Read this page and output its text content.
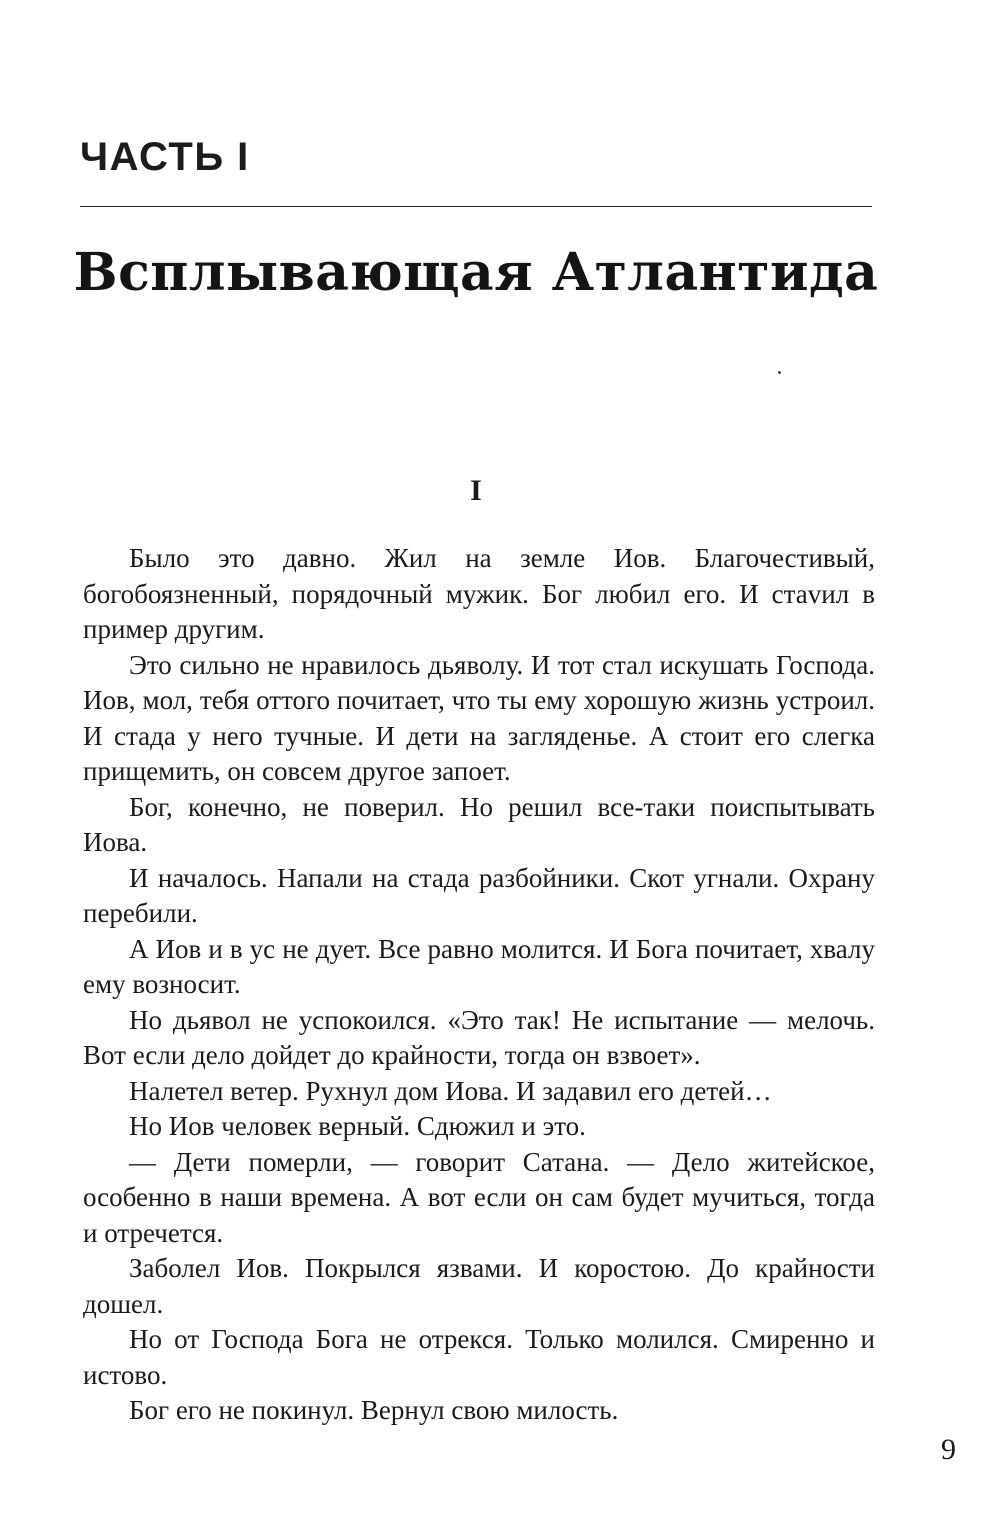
ЧАСТЬ I
Всплывающая Атлантида
I

Было это давно. Жил на земле Иов. Благочестивый, богобоязненный, порядочный мужик. Бог любил его. И стаvил в пример другим.

Это сильно не нравилось дьяволу. И тот стал искушать Господа. Иов, мол, тебя оттого почитает, что ты ему хорошую жизнь устроил. И стада у него тучные. И дети на загляденье. А стоит его слегка прищемить, он совсем другое запоет.

Бог, конечно, не поверил. Но решил все-таки поиспытывать Иова.

И началось. Напали на стада разбойники. Скот угнали. Охрану перебили.

А Иов и в ус не дует. Все равно молится. И Бога почитает, хвалу ему возносит.

Но дьявол не успокоился. «Это так! Не испытание — мелочь. Вот если дело дойдет до крайности, тогда он взвоет».

Налетел ветер. Рухнул дом Иова. И задавил его детей…

Но Иов человек верный. Сдюжил и это.

— Дети померли, — говорит Сатана. — Дело житейское, особенно в наши времена. А вот если он сам будет мучиться, тогда и отречется.

Заболел Иов. Покрылся язвами. И коростою. До крайности дошел.

Но от Господа Бога не отрекся. Только молился. Смиренно и истово.

Бог его не покинул. Вернул свою милость.

9
